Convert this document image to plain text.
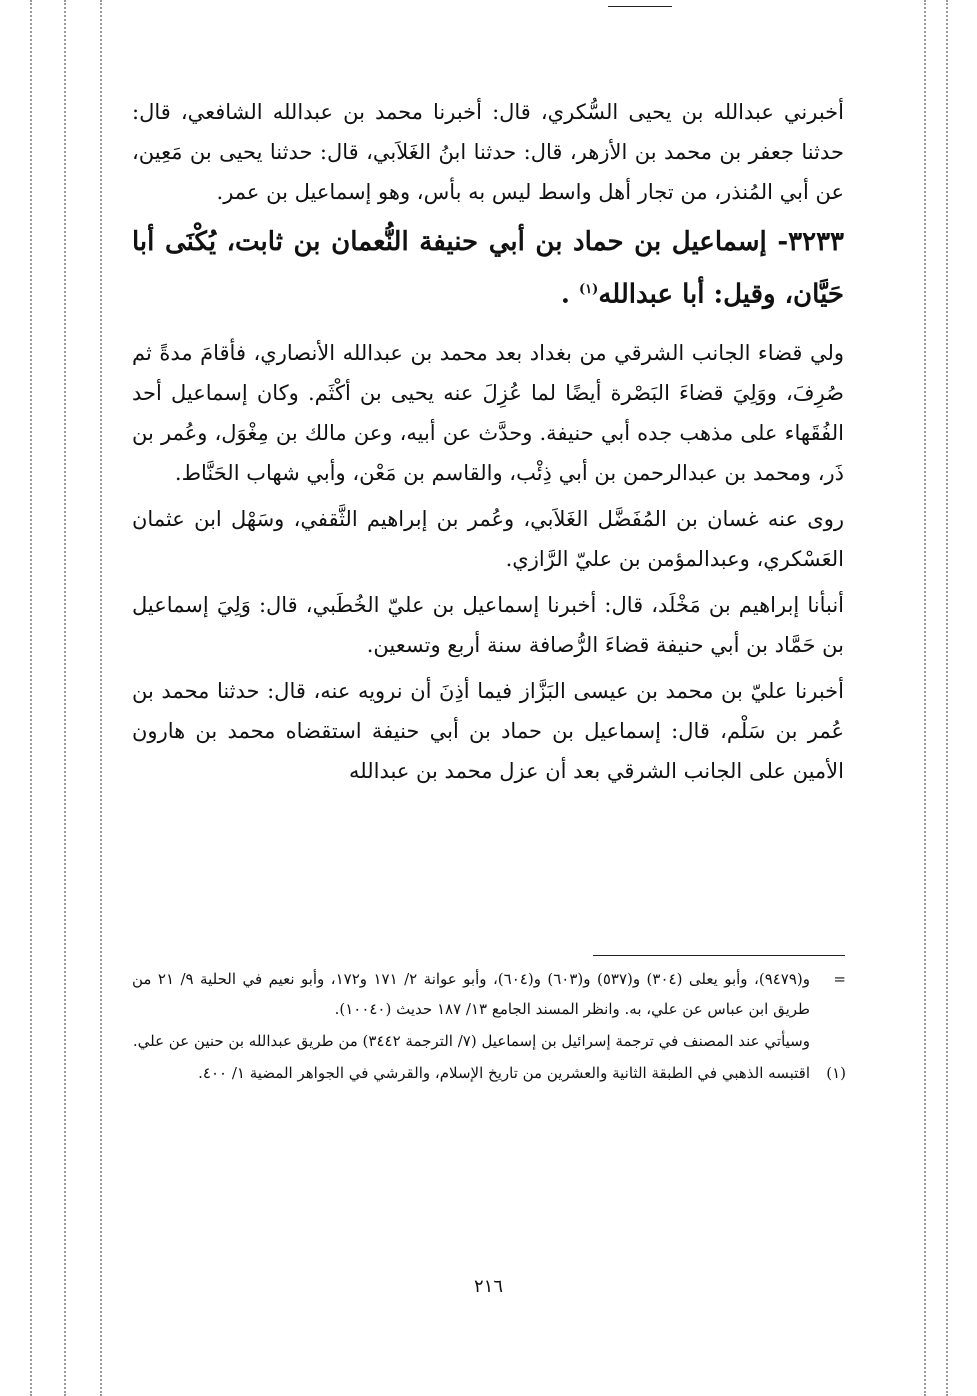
أخبرني عبدالله بن يحيى السُّكري، قال: أخبرنا محمد بن عبدالله الشافعي، قال: حدثنا جعفر بن محمد بن الأزهر، قال: حدثنا ابنُ الغَلاَبي، قال: حدثنا يحيى بن مَعِين، عن أبي المُنذر، من تجار أهل واسط ليس به بأس، وهو إسماعيل بن عمر.

٣٢٣٣- إسماعيل بن حماد بن أبي حنيفة النُّعمان بن ثابت، يُكْنَى أبا حَيَّان، وقيل: أبا عبدالله$^{(١)}$ .

ولي قضاء الجانب الشرقي من بغداد بعد محمد بن عبدالله الأنصاري، فأقامَ مدةً ثم صُرِفَ، ووَلِيَ قضاءَ البَصْرة أيضًا لما عُزِلَ عنه يحيى بن أكْثَم. وكان إسماعيل أحد الفُقَهاء على مذهب جده أبي حنيفة. وحدَّث عن أبيه، وعن مالك بن مِغْوَل، وعُمر بن ذَر، ومحمد بن عبدالرحمن بن أبي ذِئْب، والقاسم بن مَعْن، وأبي شهاب الحَنَّاط.

روى عنه غسان بن المُفَضَّل الغَلاَبي، وعُمر بن إبراهيم الثَّقفي، وسَهْل ابن عثمان العَسْكري، وعبدالمؤمن بن عليّ الرَّازي.

أنبأنا إبراهيم بن مَخْلَد، قال: أخبرنا إسماعيل بن عليّ الخُطَبي، قال: وَلِيَ إسماعيل بن حَمَّاد بن أبي حنيفة قضاءَ الرُّصافة سنة أربع وتسعين.

أخبرنا عليّ بن محمد بن عيسى البَزَّاز فيما أذِنَ أن نرويه عنه، قال: حدثنا محمد بن عُمر بن سَلْم، قال: إسماعيل بن حماد بن أبي حنيفة استقضاه محمد بن هارون الأمين على الجانب الشرقي بعد أن عزل محمد بن عبدالله

=
و(٩٤٧٩)، وأبو يعلى (٣٠٤) و(٥٣٧) و(٦٠٣) و(٦٠٤)، وأبو عوانة ٢/ ١٧١ و١٧٢، وأبو نعيم في الحلية ٩/ ٢١ من طريق ابن عباس عن علي، به. وانظر المسند الجامع ١٣/ ١٨٧ حديث (١٠٠٤٠).

وسيأتي عند المصنف في ترجمة إسرائيل بن إسماعيل (٧/ الترجمة ٣٤٤٢) من طريق عبدالله بن حنين عن علي.

(١)
اقتبسه الذهبي في الطبقة الثانية والعشرين من تاريخ الإسلام، والقرشي في الجواهر المضية ١/ ٤٠٠.

٢١٦
